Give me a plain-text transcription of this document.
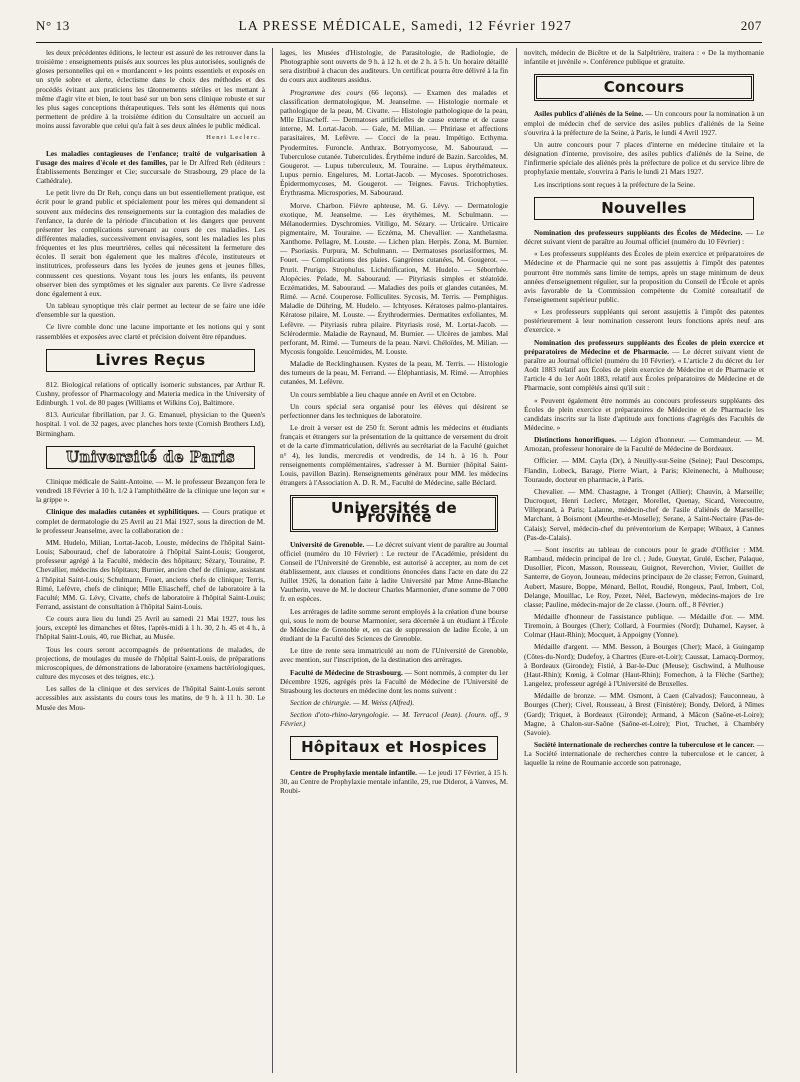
N° 13	LA PRESSE MÉDICALE, Samedi, 12 Février 1927	207

les deux précédentes éditions, le lecteur est assuré de les retrouver dans la troisième : enseignements puisés aux sources les plus autorisées, soulignés de gloses personnelles qui en « mordancent » les points essentiels et exposés en un style sobre et alerte, éclectisme dans le choix des méthodes et des procédés évitant aux praticiens les tâtonnements stériles et les mettant à même d'agir vite et bien, le tout basé sur un bon sens clinique robuste et sur les plus sages conceptions thérapeutiques. Tels sont les éléments qui nous permettent de prédire à la troisième édition du Consultaire un accueil au moins aussi favorable que celui qu'a fait à ses deux aînées le public médical.

Henri Leclerc.

Les maladies contagieuses de l'enfance; traité de vulgarisation à l'usage des maires d'école et des familles, par le Dr Alfred Reh (éditeurs : Établissements Benzinger et Cie; succursale de Strasbourg, 29 place de la Cathédrale).

Le petit livre du Dr Reh, conçu dans un but essentiellement pratique, est écrit pour le grand public et spécialement pour les mères qui demandent si souvent aux médecins des renseignements sur la contagion des maladies de l'enfance, la durée de la période d'incubation et les dangers que peuvent présenter les complications survenant au cours de ces maladies. Les différentes maladies, successivement envisagées, sont les maladies les plus fréquentes et les plus meurtrières, celles qui nécessitent la fermeture des écoles. Il serait bon également que les maîtres d'école, instituteurs et institutrices, professeurs dans les lycées de jeunes gens et jeunes filles, connussent ces questions. Voyant tous les jours les enfants, ils peuvent observer bien des symptômes et les signaler aux parents. Ce livre s'adresse donc également à eux.

Un tableau synoptique très clair permet au lecteur de se faire une idée d'ensemble sur la question.

Ce livre comble donc une lacune importante et les notions qui y sont rassemblées et exposées avec clarté et précision doivent être répandues.

Livres Reçus

812. Biological relations of optically isomeric substances, par Arthur R. Cushny, professor of Pharmacology and Materia medica in the University of Edinburgh. 1 vol. de 80 pages (Williams et Wilkins Co), Baltimore.

813. Auricular fibrillation, par J. G. Emanuel, physician to the Queen's hospital. 1 vol. de 32 pages, avec planches hors texte (Cornish Brothers Ltd), Birmingham.

Université de Paris

Clinique médicale de Saint-Antoine. — M. le professeur Bezançon fera le vendredi 18 Février à 10 h. 1/2 à l'amphithéâtre de la clinique une leçon sur « la grippe ».

Clinique des maladies cutanées et syphilitiques. — Cours pratique et complet de dermatologie du 25 Avril au 21 Mai 1927, sous la direction de M. le professeur Jeanselme, avec la collaboration de :

MM. Hudelo, Milian, Lortat-Jacob, Louste, médecins de l'hôpital Saint-Louis; Sabouraud, chef de laboratoire à l'hôpital Saint-Louis; Gougerot, professeur agrégé à la Faculté, médecin des hôpitaux; Sézary, Touraine, P. Chevallier, médecins des hôpitaux; Burnier, ancien chef de clinique, assistant à l'hôpital Saint-Louis; Schulmann, Fouet, anciens chefs de clinique; Terris, Rimé, Lefèvre, chefs de clinique; Mlle Eliascheff, chef de laboratoire à la Faculté; MM. G. Lévy, Civatte, chefs de laboratoire à l'hôpital Saint-Louis; Ferrand, assistant de consultation à l'hôpital Saint-Louis.

Ce cours aura lieu du lundi 25 Avril au samedi 21 Mai 1927, tous les jours, excepté les dimanches et fêtes, l'après-midi à 1 h. 30, 2 h. 45 et 4 h., à l'hôpital Saint-Louis, 40, rue Bichat, au Musée.

Tous les cours seront accompagnés de présentations de malades, de projections, de moulages du musée de l'hôpital Saint-Louis, de préparations microscopiques, de démonstrations de laboratoire (examens bactériologiques, culture des mycoses et des teignes, etc.).

Les salles de la clinique et des services de l'hôpital Saint-Louis seront accessibles aux assistants du cours tous les matins, de 9 h. à 11 h. 30. Le Musée des Mou-

lages, les Musées d'Histologie, de Parasitologie, de Radiologie, de Photographie sont ouverts de 9 h. à 12 h. et de 2 h. à 5 h. Un horaire détaillé sera distribué à chacun des auditeurs. Un certificat pourra être délivré à la fin du cours aux auditeurs assidus.

Programme des cours (66 leçons). — Examen des malades et classification dermatologique, M. Jeanselme. — Histologie normale et pathologique de la peau, M. Civatte. — Histologie pathologique de la peau, Mlle Eliascheff. — Dermatoses artificielles de cause externe et de cause interne, M. Lortat-Jacob. — Gale, M. Milian. — Phtiriase et affections parasitaires, M. Lefèvre. — Cocci de la peau. Impétigo. Ecthyma. Pyodermites. Furoncle. Anthrax. Botryomycose, M. Sabouraud. — Tuberculose cutanée. Tuberculides. Érythème induré de Bazin. Sarcoïdes, M. Gougerot. — Lupus tuberculeux, M. Touraine. — Lupus érythémateux. Lupus pernio. Engelures, M. Lortat-Jacob. — Mycoses. Sporotrichoses. Épidermomycoses, M. Gougerot. — Teignes. Favus. Trichophyties. Érythrasma. Microspories, M. Sabouraud.

Morve. Charbon. Fièvre aphteuse, M. G. Lévy. — Dermatologie exotique, M. Jeanselme. — Les érythèmes, M. Schulmann. — Mélanodermies. Dyschromies. Vitiligo, M. Sézary. — Urticaire. Urticaire pigmentaire, M. Touraine. — Eczéma, M. Chevallier. — Xanthelasma. Xanthome. Pellagre, M. Louste. — Lichen plan. Herpès. Zona, M. Burnier. — Psoriasis. Purpura, M. Schulmann. — Dermatoses psoriasiformes, M. Fouet. — Complications des plaies. Gangrènes cutanées, M. Gougerot. — Prurit. Prurigo. Strophulus. Lichénification, M. Hudelo. — Séborrhée. Alopécies. Pelade, M. Sabouraud. — Pityriasis simples et stéatoïde. Eczématides, M. Sabouraud. — Maladies des poils et glandes cutanées, M. Rimé. — Acné. Couperose. Folliculites. Sycosis, M. Terris. — Pemphigus. Maladie de Dühring, M. Hudelo. — Ichtyoses. Kératoses palmo-plantaires. Kératose pilaire, M. Louste. — Érythrodermies. Dermatites exfoliantes, M. Lefèvre. — Pityriasis rubra pilaire. Pityriasis rosé, M. Lortat-Jacob. — Sclérodermie. Maladie de Raynaud, M. Burnier. — Ulcères de jambes. Mal perforant, M. Rimé. — Tumeurs de la peau. Nævi. Chéloïdes, M. Milian. — Mycosis fongoïde. Leucémides, M. Louste.

Maladie de Recklinghausen. Kystes de la peau, M. Terris. — Histologie des tumeurs de la peau, M. Ferrand. — Éléphantiasis, M. Rimé. — Atrophies cutanées, M. Lefèvre.

Un cours semblable a lieu chaque année en Avril et en Octobre.

Un cours spécial sera organisé pour les élèves qui désirent se perfectionner dans les techniques de laboratoire.

Le droit à verser est de 250 fr. Seront admis les médecins et étudiants français et étrangers sur la présentation de la quittance de versement du droit et de la carte d'immatriculation, délivrés au secrétariat de la Faculté (guichet n° 4), les lundis, mercredis et vendredis, de 14 h. à 16 h. Pour renseignements complémentaires, s'adresser à M. Burnier (hôpital Saint-Louis, pavillon Bazin). Renseignements généraux pour MM. les médecins étrangers à l'Association A. D. R. M., Faculté de Médecine, salle Béclard.

Universités de Province

Université de Grenoble. — Le décret suivant vient de paraître au Journal officiel (numéro du 10 Février) : Le recteur de l'Académie, président du Conseil de l'Université de Grenoble, est autorisé à accepter, au nom de cet établissement, aux clauses et conditions énoncées dans l'acte en date du 22 Juillet 1926, la donation faite à ladite Université par Mme Anne-Blanche Vautherin, veuve de M. le docteur Charles Marmonier, d'une somme de 7 000 fr. en espèces.

Les arrérages de ladite somme seront employés à la création d'une bourse qui, sous le nom de bourse Marmonier, sera décernée à un étudiant à l'École de Médecine de Grenoble et, en cas de suppression de ladite École, à un étudiant de la Faculté des Sciences de Grenoble.

Le titre de rente sera immatriculé au nom de l'Université de Grenoble, avec mention, sur l'inscription, de la destination des arrérages.

Faculté de Médecine de Strasbourg. — Sont nommés, à compter du 1er Décembre 1926, agrégés près la Faculté de Médecine de l'Université de Strasbourg les docteurs en médecine dont les noms suivent :

Section de chirurgie. — M. Weiss (Alfred).

Section d'oto-rhino-laryngologie. — M. Terracol (Jean). (Journ. off., 9 Février.)

Hôpitaux et Hospices

Centre de Prophylaxie mentale infantile. — Le jeudi 17 Février, à 15 h. 30, au Centre de Prophylaxie mentale infantile, 29, rue Diderot, à Vanves, M. Roubi-

novitch, médecin de Bicêtre et de la Salpêtrière, traitera : « De la mythomanie infantile et juvénile ». Conférence publique et gratuite.

Concours

Asiles publics d'aliénés de la Seine. — Un concours pour la nomination à un emploi de médecin chef de service des asiles publics d'aliénés de la Seine s'ouvrira à la préfecture de la Seine, à Paris, le lundi 4 Avril 1927.

Un autre concours pour 7 places d'interne en médecine titulaire et la désignation d'interne, provisoire, des asiles publics d'aliénés de la Seine, de l'infirmerie spéciale des aliénés près la préfecture de police et du service libre de prophylaxie mentale, s'ouvrira à Paris le lundi 21 Mars 1927.

Les inscriptions sont reçues à la préfecture de la Seine.

Nouvelles

Nomination des professeurs suppléants des Écoles de Médecine. — Le décret suivant vient de paraître au Journal officiel (numéro du 10 Février) :

« Les professeurs suppléants des Écoles de plein exercice et préparatoires de Médecine et de Pharmacie qui ne sont pas assujettis à l'impôt des patentes pourront être nommés sans limite de temps, après un stage minimum de deux années d'enseignement régulier, sur la proposition du Conseil de l'École et après avis favorable de la Commission compétente du Comité consultatif de l'enseignement supérieur public.

« Les professeurs suppléants qui seront assujettis à l'impôt des patentes postérieurement à leur nomination cesseront leurs fonctions après neuf ans d'exercice. »

Nomination des professeurs suppléants des Écoles de plein exercice et préparatoires de Médecine et de Pharmacie. — Le décret suivant vient de paraître au Journal officiel (numéro du 10 Février). « L'article 2 du décret du 1er Août 1883 relatif aux Écoles de plein exercice de Médecine et de Pharmacie et l'article 4 du 1er Août 1883, relatif aux Écoles préparatoires de Médecine et de Pharmacie, sont complétés ainsi qu'il suit :

« Peuvent également être nommés au concours professeurs suppléants des Écoles de plein exercice et préparatoires de Médecine et de Pharmacie les candidats inscrits sur la liste d'aptitude aux fonctions d'agrégés des Facultés de Médecine. »

Distinctions honorifiques. — Légion d'honneur. — Commandeur. — M. Arnozan, professeur honoraire de la Faculté de Médecine de Bordeaux.

Officier. — MM. Cayla (Dr), à Neuilly-sur-Seine (Seine); Paul Descomps, Flandin, Lobeck, Barage, Pierre Wiart, à Paris; Kleinenecht, à Mulhouse; Touraude, docteur en pharmacie, à Paris.

Chevalier. — MM. Chastagne, à Tronget (Allier); Chauvin, à Marseille; Ducroquet, Henri Leclerc, Metzger, Morellet, Quenay, Sicard, Verecoutre, Villeprand, à Paris; Lalanne, médecin-chef de l'asile d'aliénés de Marseille; Marchant, à Boismont (Meurthe-et-Moselle); Serane, à Saint-Nectaire (Pas-de-Calais); Servel, médecin-chef du préventorium de Kerpape; Wibaux, à Cannes (Pas-de-Calais).

— Sont inscrits au tableau de concours pour le grade d'Officier : MM. Rambaud, médecin principal de 1re cl. ; Jude, Gueytat, Grulé, Escher, Palaque, Dusollier, Picon, Masson, Rousseau, Guignot, Reverchon, Vivier, Guillet de Santerre, de Goyon, Jouneau, médecins principaux de 2e classe; Ferron, Guinard, Aubert, Masure, Boppe, Ménard, Bellot, Roudié, Rongeux, Paul, Imbert, Col, Delange, Mouillac, Le Roy, Pezet, Néel, Baclewyn, médecins-majors de 1re classe; Pauline, médecin-major de 2e classe. (Journ. off., 8 Février.)

Médaille d'honneur de l'assistance publique. — Médaille d'or. — MM. Tiremoin, à Bourges (Cher); Collard, à Fourmies (Nord); Duhamel, Kayser, à Colmar (Haut-Rhin); Mocquet, à Appoigny (Yonne).

Médaille d'argent. — MM. Besson, à Bourges (Cher); Macé, à Guingamp (Côtes-du-Nord); Dudefoy, à Chartres (Eure-et-Loir); Caussat, Lamacq-Dormoy, à Bordeaux (Gironde); Fistié, à Bar-le-Duc (Meuse); Gschwind, à Mulhouse (Haut-Rhin); Kœnig, à Colmar (Haut-Rhin); Fomechon, à la Flèche (Sarthe); Langelez, professeur agrégé à l'Université de Bruxelles.

Médaille de bronze. — MM. Osmont, à Caen (Calvados); Fauconneau, à Bourges (Cher); Civel, Rousseau, à Brest (Finistère); Bondy, Delord, à Nîmes (Gard); Triquet, à Bordeaux (Gironde); Armand, à Mâcon (Saône-et-Loire); Magne, à Chalon-sur-Saône (Saône-et-Loire); Piot, Truchet, à Chambéry (Savoie).

Société internationale de recherches contre la tuberculose et le cancer. — La Société internationale de recherches contre la tuberculose et le cancer, à laquelle la reine de Roumanie accorde son patronage,
